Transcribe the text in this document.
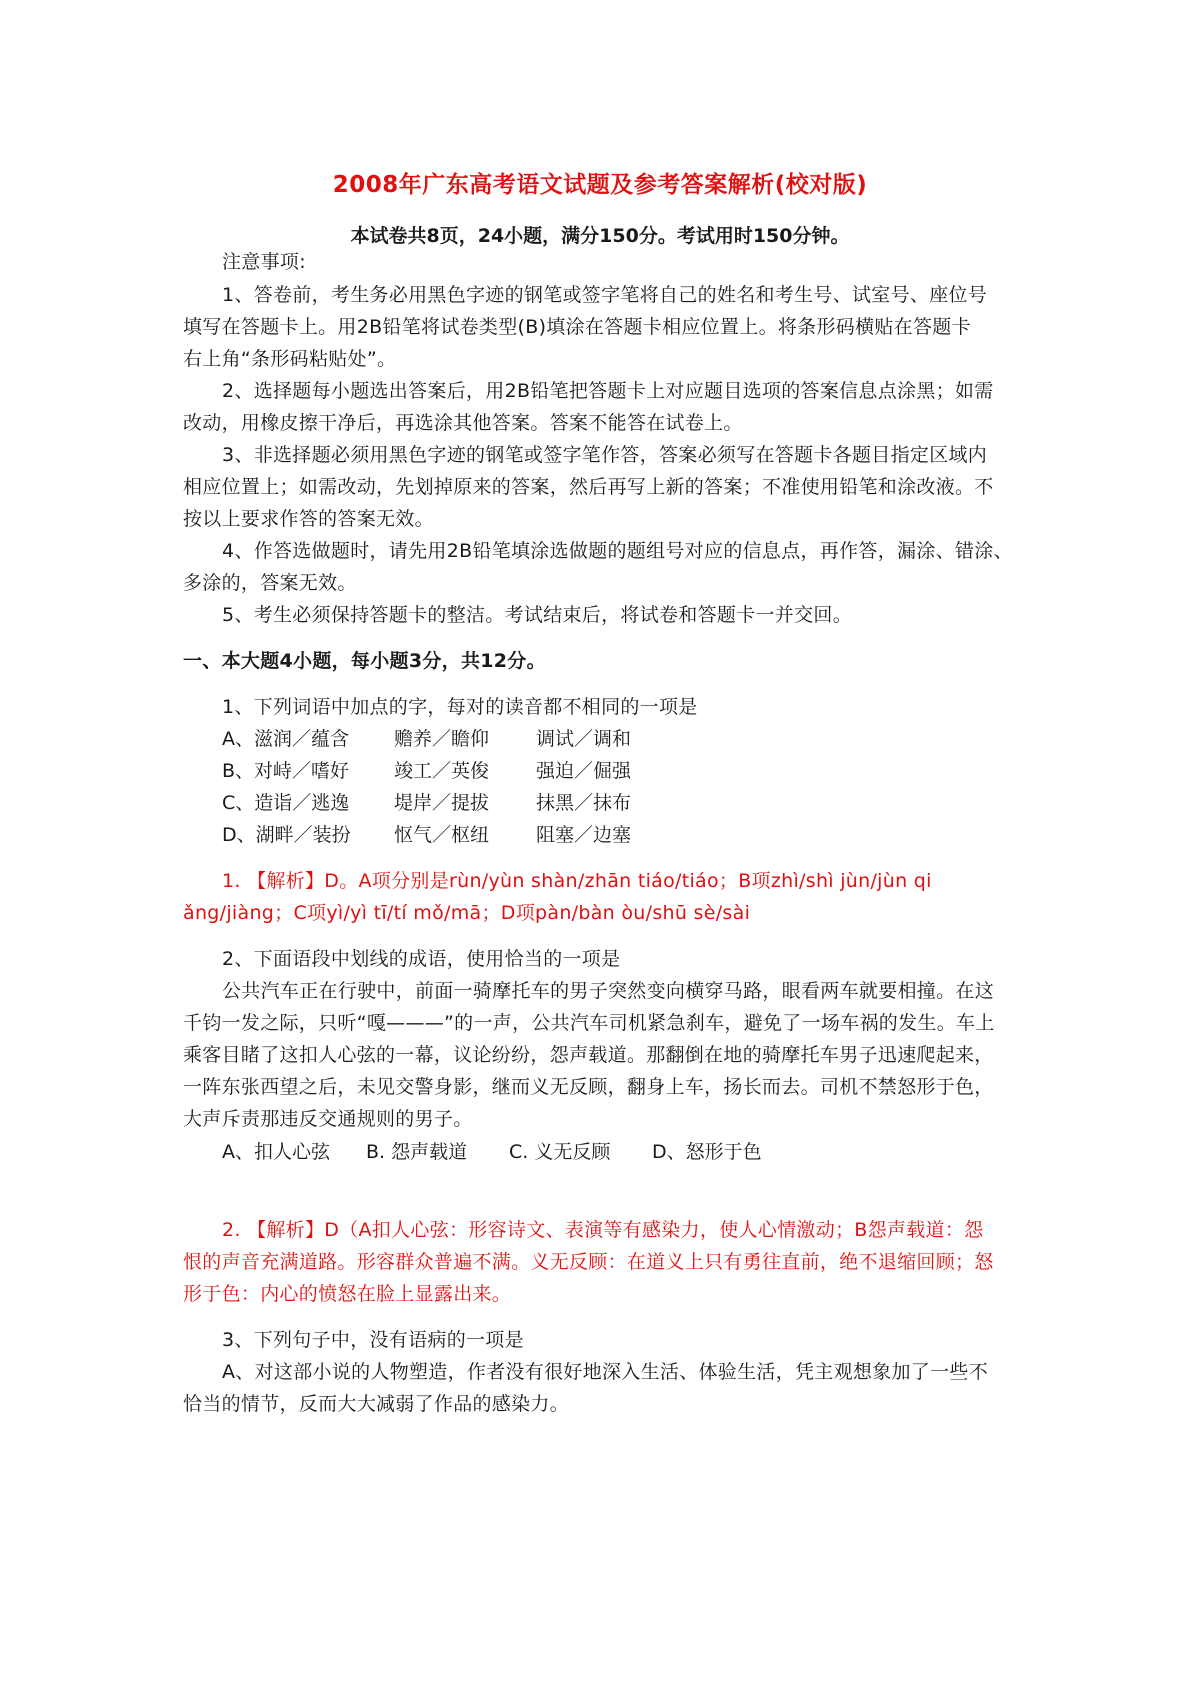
2008年广东高考语文试题及参考答案解析(校对版)
本试卷共8页，24小题，满分150分。考试用时150分钟。
注意事项:
1、答卷前，考生务必用黑色字迹的钢笔或签字笔将自己的姓名和考生号、试室号、座位号
填写在答题卡上。用2B铅笔将试卷类型(B)填涂在答题卡相应位置上。将条形码横贴在答题卡
右上角“条形码粘贴处”。
2、选择题每小题选出答案后，用2B铅笔把答题卡上对应题目选项的答案信息点涂黑；如需
改动，用橡皮擦干净后，再选涂其他答案。答案不能答在试卷上。
3、非选择题必须用黑色字迹的钢笔或签字笔作答，答案必须写在答题卡各题目指定区域内
相应位置上；如需改动，先划掉原来的答案，然后再写上新的答案；不准使用铅笔和涂改液。不
按以上要求作答的答案无效。
4、作答选做题时，请先用2B铅笔填涂选做题的题组号对应的信息点，再作答，漏涂、错涂、
多涂的，答案无效。
5、考生必须保持答题卡的整洁。考试结束后，将试卷和答题卡一并交回。
一、本大题4小题，每小题3分，共12分。
1、下列词语中加点的字，每对的读音都不相同的一项是
A、滋润／蕴含 赡养／瞻仰 调试／调和
B、对峙／嗜好 竣工／英俊 强迫／倔强
C、造诣／逃逸 堤岸／提拔 抹黑／抹布
D、湖畔／装扮 怄气／枢纽 阻塞／边塞
1. 【解析】D。A项分别是rùn/yùn shàn/zhān tiáo/tiáo；B项zhì/shì jùn/jùn qi
ǎng/jiàng；C项yì/yì tī/tí mǒ/mā；D项pàn/bàn òu/shū sè/sài
2、下面语段中划线的成语，使用恰当的一项是
公共汽车正在行驶中，前面一骑摩托车的男子突然变向横穿马路，眼看两车就要相撞。在这
千钧一发之际，只听“嘎———”的一声，公共汽车司机紧急刹车，避免了一场车祸的发生。车上
乘客目睹了这扣人心弦的一幕，议论纷纷，怨声载道。那翻倒在地的骑摩托车男子迅速爬起来，
一阵东张西望之后，未见交警身影，继而义无反顾，翻身上车，扬长而去。司机不禁怒形于色，
大声斥责那违反交通规则的男子。
A、扣人心弦 B. 怨声载道 C. 义无反顾 D、怒形于色
2. 【解析】D（A扣人心弦：形容诗文、表演等有感染力，使人心情激动；B怨声载道：怨
恨的声音充满道路。形容群众普遍不满。义无反顾：在道义上只有勇往直前，绝不退缩回顾；怒
形于色：内心的愤怒在脸上显露出来。
3、下列句子中，没有语病的一项是
A、对这部小说的人物塑造，作者没有很好地深入生活、体验生活，凭主观想象加了一些不
恰当的情节，反而大大减弱了作品的感染力。
